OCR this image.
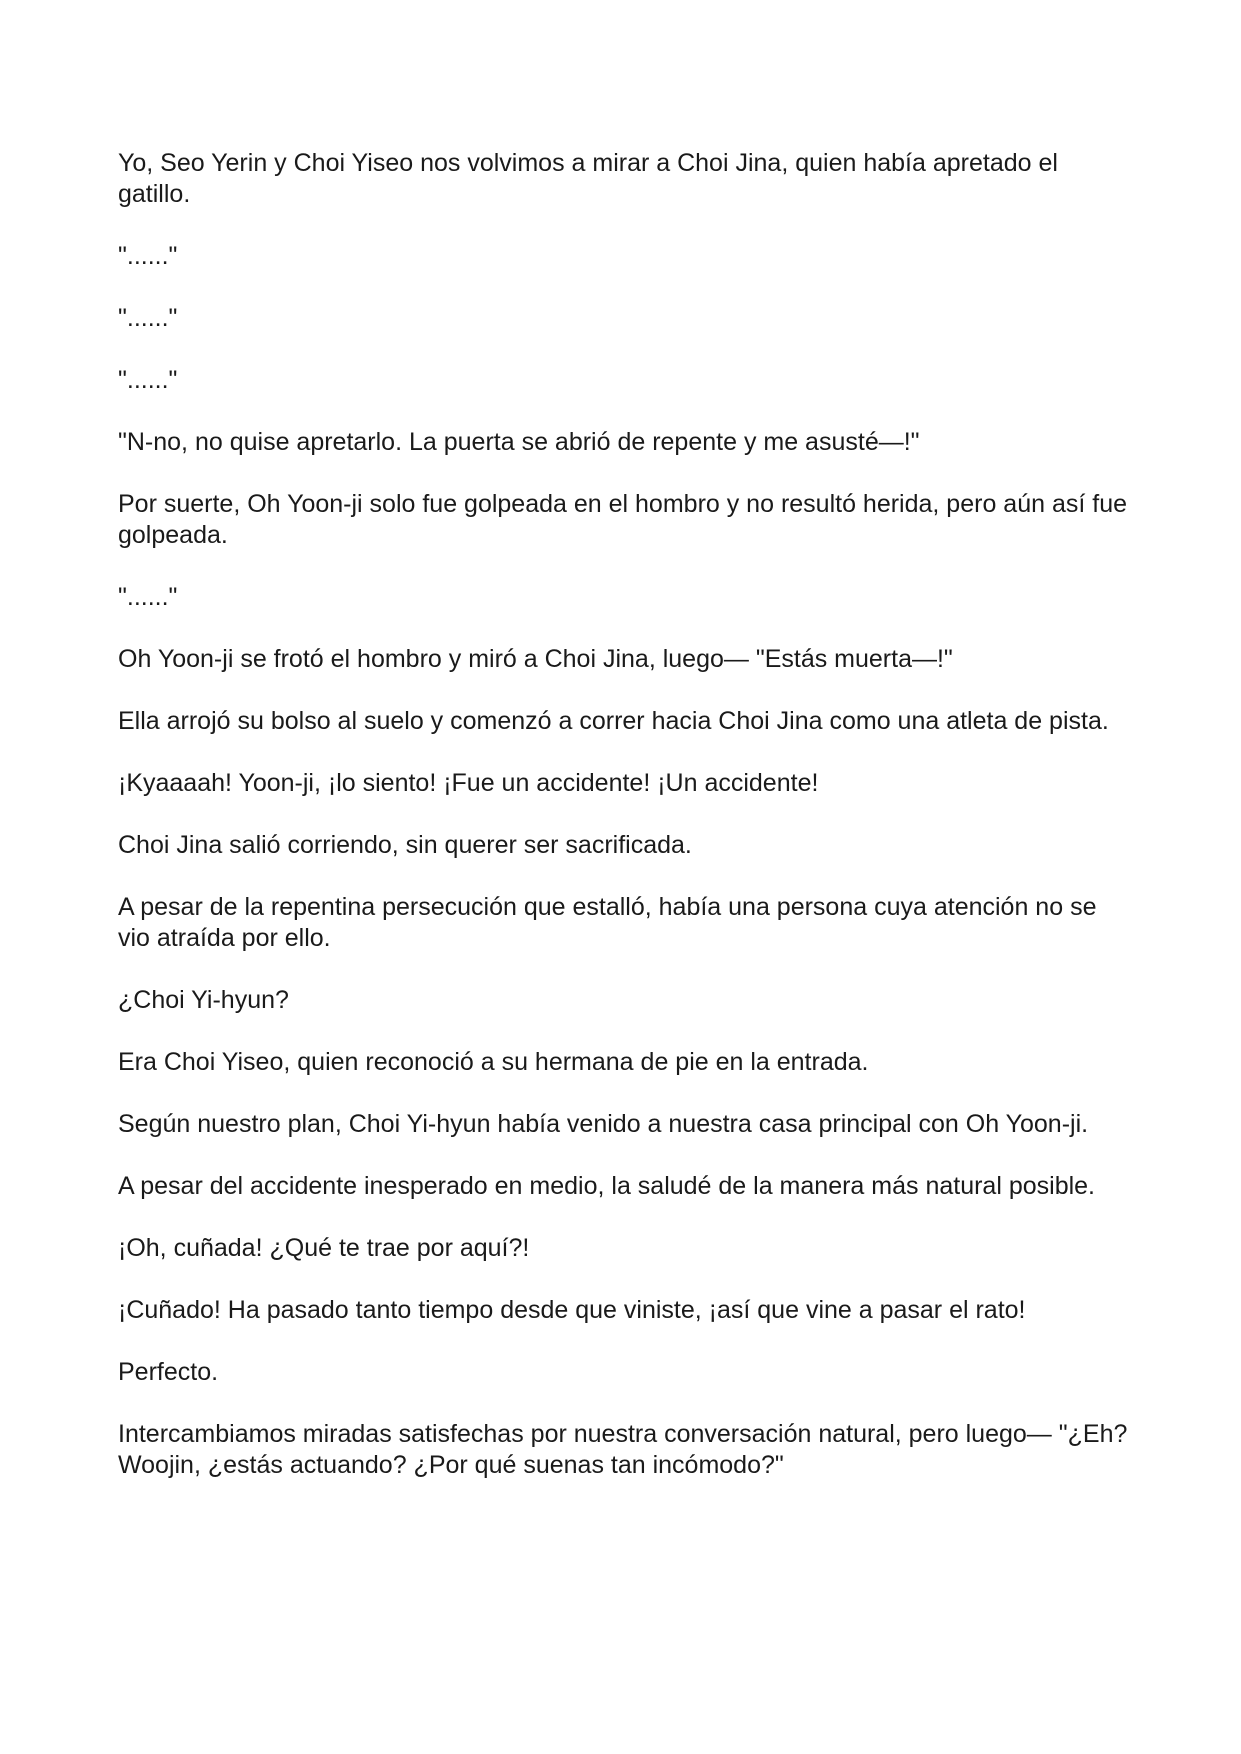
Yo, Seo Yerin y Choi Yiseo nos volvimos a mirar a Choi Jina, quien había apretado el gatillo.

"......"

"......"

"......"

"N-no, no quise apretarlo. La puerta se abrió de repente y me asusté—!"

Por suerte, Oh Yoon-ji solo fue golpeada en el hombro y no resultó herida, pero aún así fue golpeada.

"......"

Oh Yoon-ji se frotó el hombro y miró a Choi Jina, luego— "Estás muerta—!"

Ella arrojó su bolso al suelo y comenzó a correr hacia Choi Jina como una atleta de pista.

¡Kyaaaah! Yoon-ji, ¡lo siento! ¡Fue un accidente! ¡Un accidente!

Choi Jina salió corriendo, sin querer ser sacrificada.

A pesar de la repentina persecución que estalló, había una persona cuya atención no se vio atraída por ello.

¿Choi Yi-hyun?

Era Choi Yiseo, quien reconoció a su hermana de pie en la entrada.

Según nuestro plan, Choi Yi-hyun había venido a nuestra casa principal con Oh Yoon-ji.

A pesar del accidente inesperado en medio, la saludé de la manera más natural posible.

¡Oh, cuñada! ¿Qué te trae por aquí?!

¡Cuñado! Ha pasado tanto tiempo desde que viniste, ¡así que vine a pasar el rato!

Perfecto.

Intercambiamos miradas satisfechas por nuestra conversación natural, pero luego— "¿Eh? Woojin, ¿estás actuando? ¿Por qué suenas tan incómodo?"
